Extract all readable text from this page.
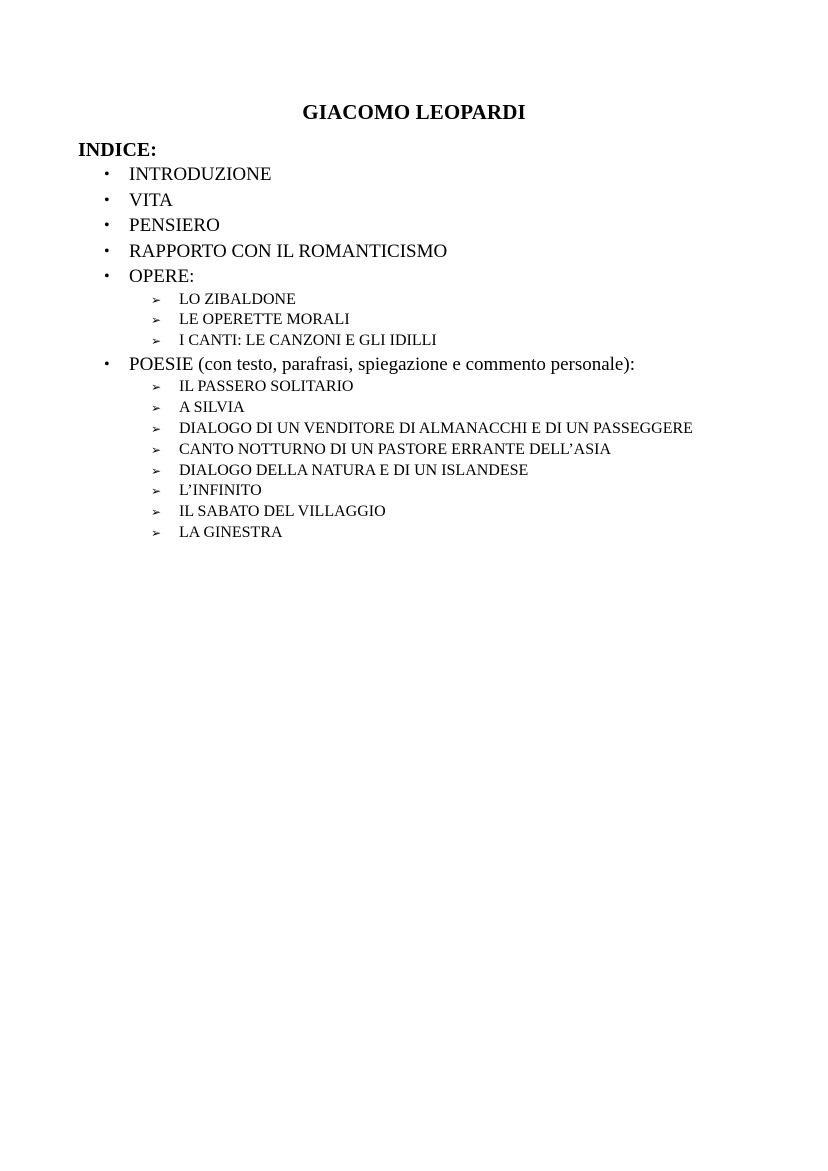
GIACOMO LEOPARDI
INDICE:
• INTRODUZIONE
• VITA
• PENSIERO
• RAPPORTO CON IL ROMANTICISMO
• OPERE:
➢ LO ZIBALDONE
➢ LE OPERETTE MORALI
➢ I CANTI: LE CANZONI E GLI IDILLI
• POESIE (con testo, parafrasi, spiegazione e commento personale):
➢ IL PASSERO SOLITARIO
➢ A SILVIA
➢ DIALOGO DI UN VENDITORE DI ALMANACCHI E DI UN PASSEGGERE
➢ CANTO NOTTURNO DI UN PASTORE ERRANTE DELL’ASIA
➢ DIALOGO DELLA NATURA E DI UN ISLANDESE
➢ L’INFINITO
➢ IL SABATO DEL VILLAGGIO
➢ LA GINESTRA
